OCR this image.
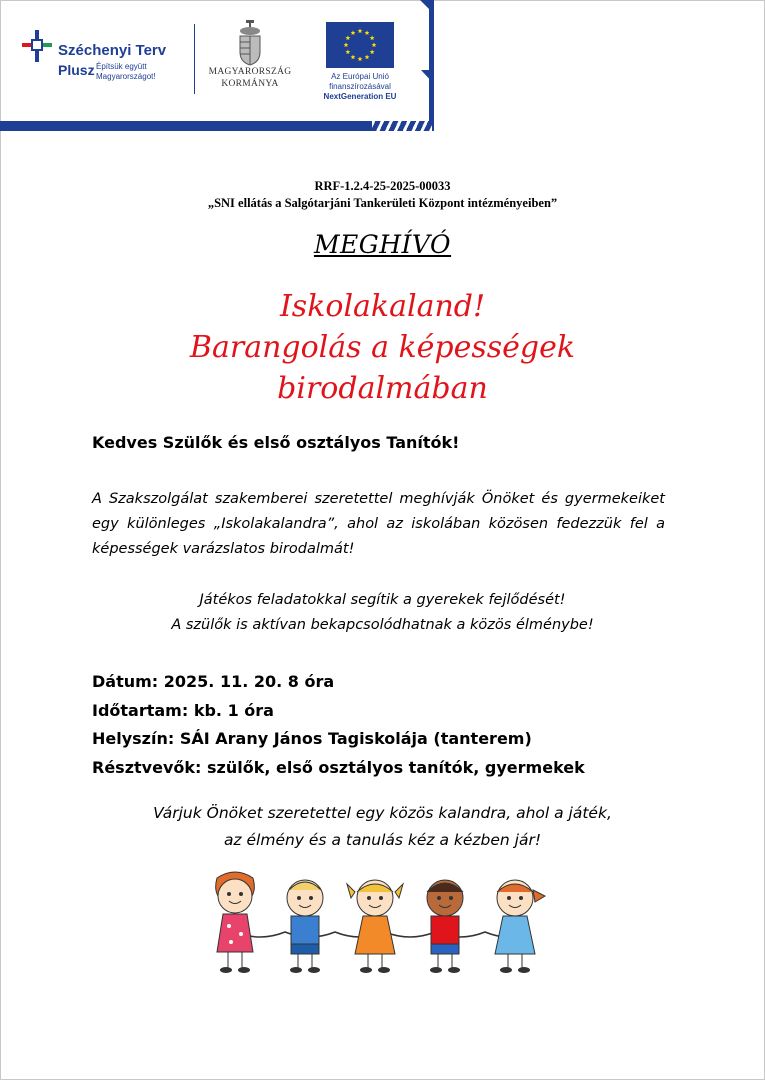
Széchenyi Terv
Plusz Építsük együtt
Magyarországot!	MAGYARORSZÁG
KORMÁNYA
Az Európai Unió
finanszírozásával
NextGeneration EU
RRF-1.2.4-25-2025-00033
„SNI ellátás a Salgótarjáni Tankerületi Központ intézményeiben”
MEGHÍVÓ
Iskolakaland!
Barangolás a képességek
birodalmában
Kedves Szülők és első osztályos Tanítók!
A Szakszolgálat szakemberei szeretettel meghívják Önöket és gyermekeiket egy különleges „Iskolakalandra”, ahol az iskolában közösen fedezzük fel a képességek varázslatos birodalmát!
Játékos feladatokkal segítik a gyerekek fejlődését!
A szülők is aktívan bekapcsolódhatnak a közös élménybe!
Dátum: 2025. 11. 20. 8 óra
Időtartam: kb. 1 óra
Helyszín: SÁI Arany János Tagiskolája (tanterem)
Résztvevők: szülők, első osztályos tanítók, gyermekek
Várjuk Önöket szeretettel egy közös kalandra, ahol a játék,
az élmény és a tanulás kéz a kézben jár!
